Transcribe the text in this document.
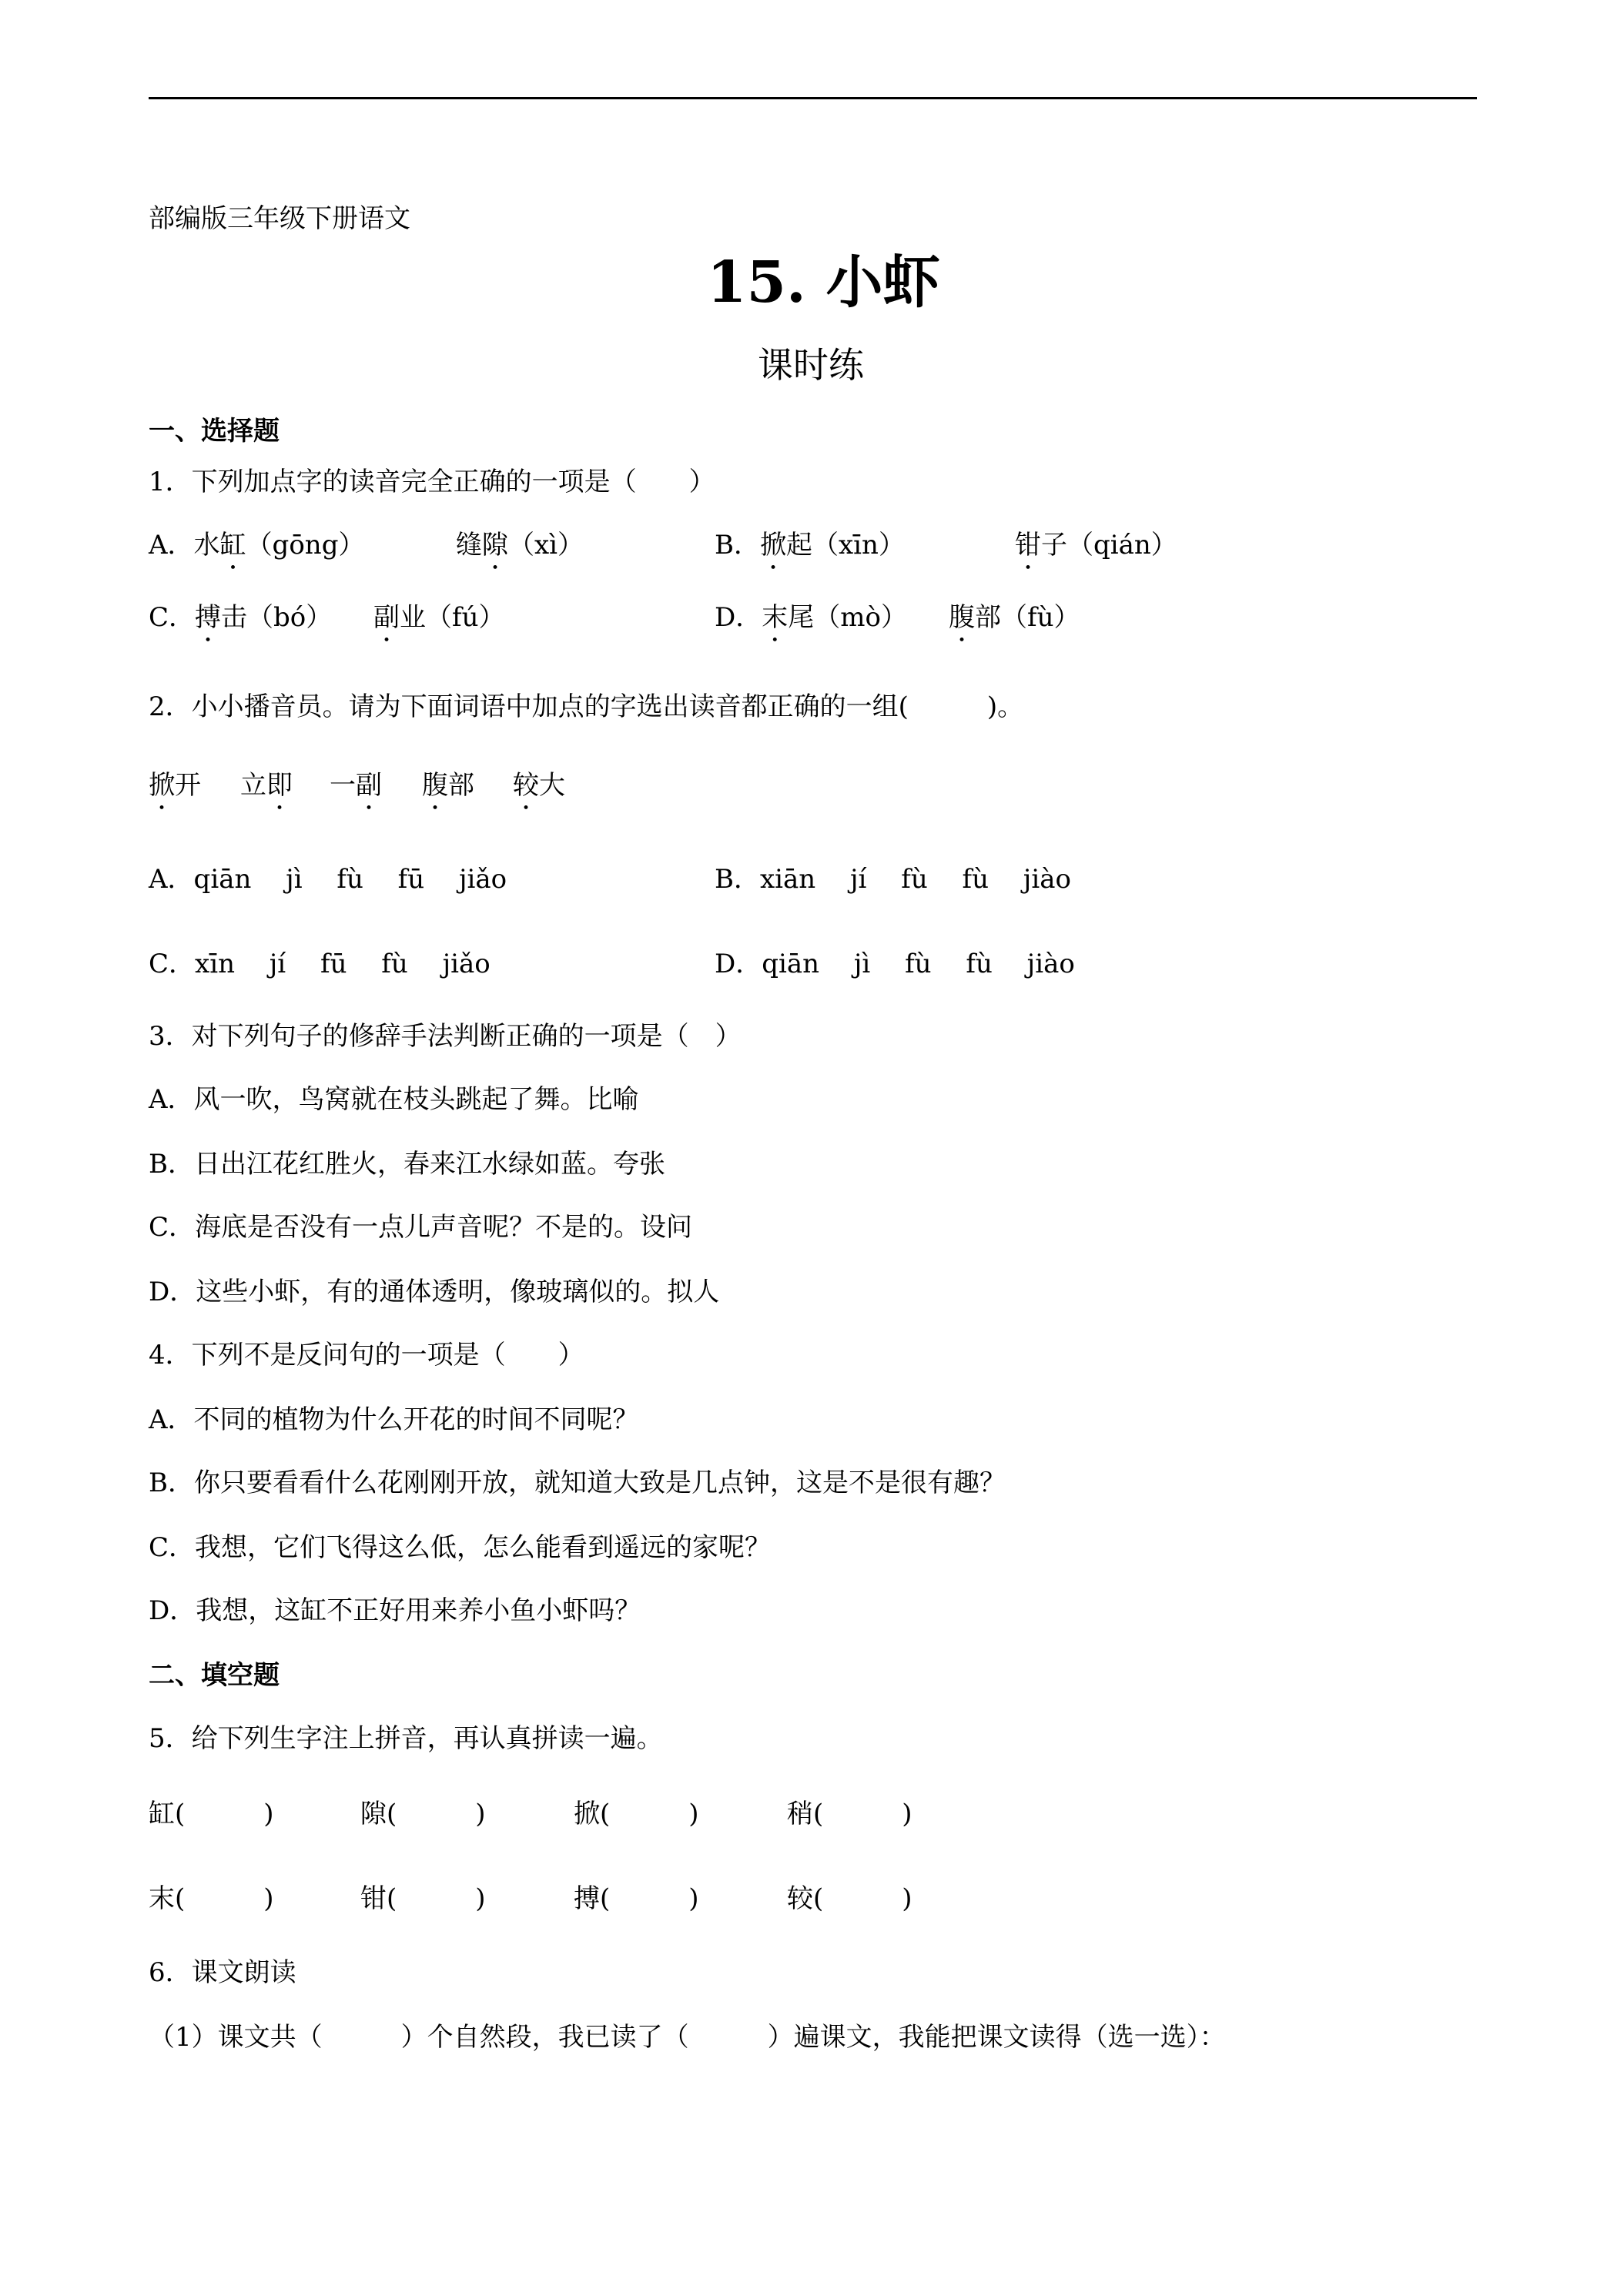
部编版三年级下册语文
15. 小虾
课时练
一、选择题
1．下列加点字的读音完全正确的一项是（　　）
A．水缸（gōng）	缝隙（xì）	B．掀起（xīn）	钳子（qián）
C．搏击（bó） 副业（fú）	D．末尾（mò） 腹部（fù）
2．小小播音员。请为下面词语中加点的字选出读音都正确的一组(　　　)。
掀开 立即 一副 腹部 较大
A．qiān　 jì　 fù　 fū　 jiǎo	B．xiān　 jí　 fù　 fù　 jiào
C．xīn　 jí　 fū　 fù　 jiǎo	D．qiān　 jì　 fù　 fù　 jiào
3．对下列句子的修辞手法判断正确的一项是（　）
A．风一吹，鸟窝就在枝头跳起了舞。比喻
B．日出江花红胜火，春来江水绿如蓝。夸张
C．海底是否没有一点儿声音呢？不是的。设问
D．这些小虾，有的通体透明，像玻璃似的。拟人
4．下列不是反问句的一项是（　　）
A．不同的植物为什么开花的时间不同呢？
B．你只要看看什么花刚刚开放，就知道大致是几点钟，这是不是很有趣？
C．我想，它们飞得这么低，怎么能看到遥远的家呢？
D．我想，这缸不正好用来养小鱼小虾吗？
二、填空题
5．给下列生字注上拼音，再认真拼读一遍。
缸(　　　)	隙(　　　)	掀(　　　)	稍(　　　)
末(　　　)	钳(　　　)	搏(　　　)	较(　　　)
6．课文朗读
（1）课文共（　　　）个自然段，我已读了（　　　）遍课文，我能把课文读得（选一选）：
